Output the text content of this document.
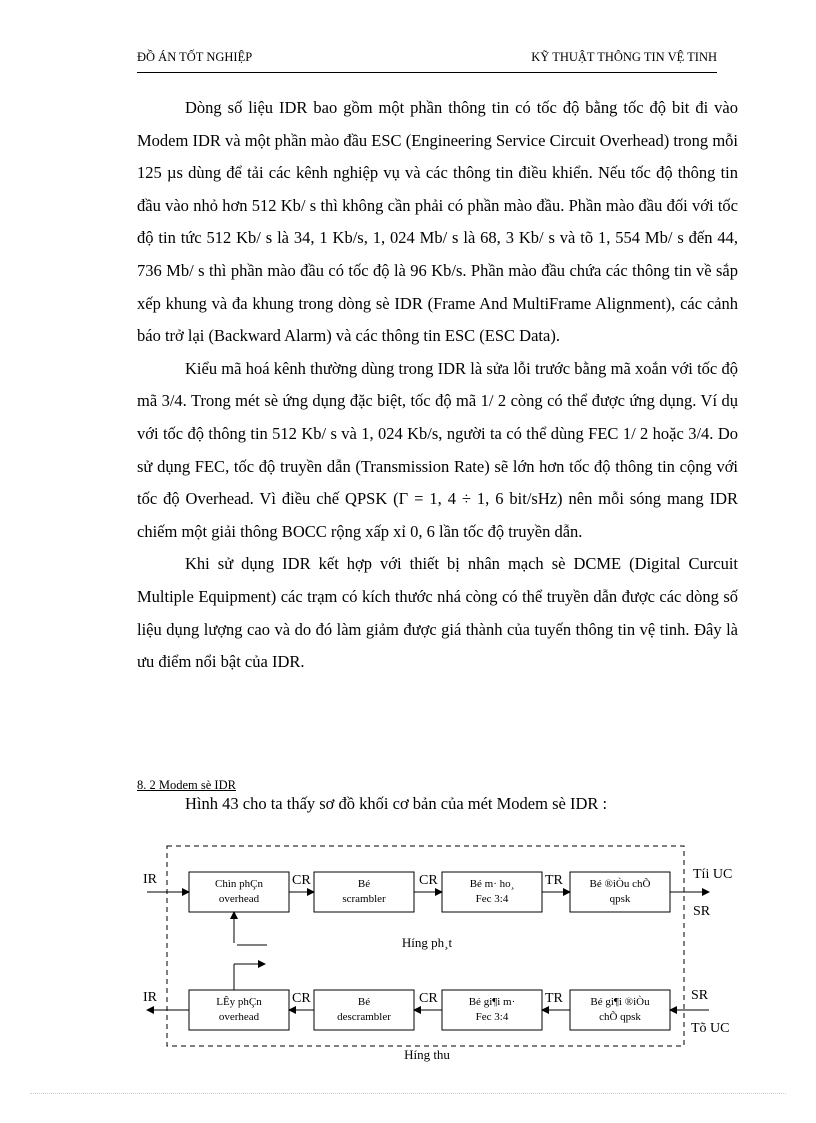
ĐỒ ÁN TỐT NGHIỆP	KỸ THUẬT THÔNG TIN VỆ TINH

Dòng số liệu IDR bao gồm một phần thông tin có tốc độ bằng tốc độ bit đi vào Modem IDR và một phần mào đầu ESC (Engineering Service Circuit Overhead) trong mỗi 125 µs dùng để tải các kênh nghiệp vụ và các thông tin điều khiển. Nếu tốc độ thông tin đầu vào nhỏ hơn 512 Kb/ s thì không cần phải có phần mào đầu. Phần mào đầu đối với tốc độ tin tức 512 Kb/ s là 34, 1 Kb/s, 1, 024 Mb/ s là 68, 3 Kb/ s và tõ 1, 554 Mb/ s đến 44, 736 Mb/ s thì phần mào đầu có tốc độ là 96 Kb/s. Phần mào đầu chứa các thông tin về sắp xếp khung và đa khung trong dòng sè IDR (Frame And MultiFrame Alignment), các cảnh báo trở lại (Backward Alarm) và các thông tin ESC (ESC Data).

Kiểu mã hoá kênh thường dùng trong IDR là sửa lỗi trước bằng mã xoắn với tốc độ mã 3/4. Trong mét sè ứng dụng đặc biệt, tốc độ mã 1/ 2 còng có thể được ứng dụng. Ví dụ với tốc độ thông tin 512 Kb/ s và 1, 024 Kb/s, người ta có thể dùng FEC 1/ 2 hoặc 3/4. Do sử dụng FEC, tốc độ truyền dẫn (Transmission Rate) sẽ lớn hơn tốc độ thông tin cộng với tốc độ Overhead. Vì điều chế QPSK (Γ = 1, 4 ÷ 1, 6 bit/sHz) nên mỗi sóng mang IDR chiếm một giải thông BOCC rộng xấp xỉ 0, 6 lần tốc độ truyền dẫn.

Khi sử dụng IDR kết hợp với thiết bị nhân mạch sè DCME (Digital Curcuit Multiple Equipment) các trạm có kích thước nhá còng có thể truyền dẫn được các dòng số liệu dụng lượng cao và do đó làm giảm được giá thành của tuyến thông tin vệ tinh. Đây là ưu điểm nổi bật của IDR.

8. 2 Modem sè IDR
Hình 43 cho ta thấy sơ đồ khối cơ bản của mét Modem sè IDR :
Chìn phÇn
overhead
Bé
scrambler
Bé m· ho¸
Fec 3:4
Bé ®iÒu chÕ
qpsk
IR	CR	CR	TR	Tíi UC
SR
Híng ph¸t
LÊy phÇn
overhead
Bé
descrambler
Bé gi¶i m·
Fec 3:4
Bé gi¶i ®iÒu
chÕ qpsk
IR	CR	CR	TR	SR
Tõ UC
Híng thu
